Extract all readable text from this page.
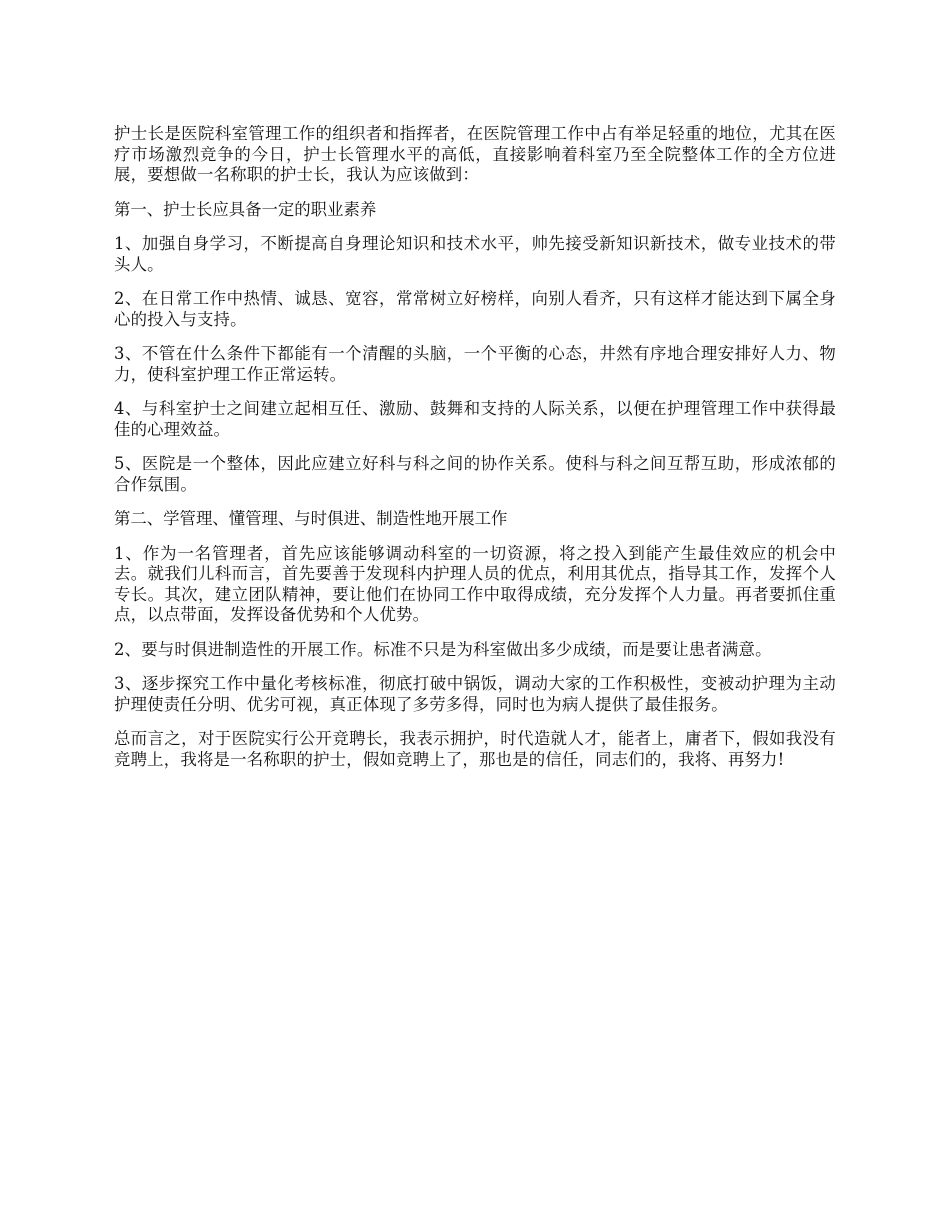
护士长是医院科室管理工作的组织者和指挥者，在医院管理工作中占有举足轻重的地位，尤其在医疗市场激烈竞争的今日，护士长管理水平的高低，直接影响着科室乃至全院整体工作的全方位进展，要想做一名称职的护士长，我认为应该做到：

第一、护士长应具备一定的职业素养

1、加强自身学习，不断提高自身理论知识和技术水平，帅先接受新知识新技术，做专业技术的带头人。

2、在日常工作中热情、诚恳、宽容，常常树立好榜样，向别人看齐，只有这样才能达到下属全身心的投入与支持。

3、不管在什么条件下都能有一个清醒的头脑，一个平衡的心态，井然有序地合理安排好人力、物力，使科室护理工作正常运转。

4、与科室护士之间建立起相互任、激励、鼓舞和支持的人际关系，以便在护理管理工作中获得最佳的心理效益。

5、医院是一个整体，因此应建立好科与科之间的协作关系。使科与科之间互帮互助，形成浓郁的合作氛围。

第二、学管理、懂管理、与时俱进、制造性地开展工作

1、作为一名管理者，首先应该能够调动科室的一切资源，将之投入到能产生最佳效应的机会中去。就我们儿科而言，首先要善于发现科内护理人员的优点，利用其优点，指导其工作，发挥个人专长。其次，建立团队精神，要让他们在协同工作中取得成绩，充分发挥个人力量。再者要抓住重点，以点带面，发挥设备优势和个人优势。

2、要与时俱进制造性的开展工作。标准不只是为科室做出多少成绩，而是要让患者满意。

3、逐步探究工作中量化考核标准，彻底打破中锅饭，调动大家的工作积极性，变被动护理为主动护理使责任分明、优劣可视，真正体现了多劳多得，同时也为病人提供了最佳报务。

总而言之，对于医院实行公开竞聘长，我表示拥护，时代造就人才，能者上，庸者下，假如我没有竞聘上，我将是一名称职的护士，假如竞聘上了，那也是的信任，同志们的，我将、再努力!
